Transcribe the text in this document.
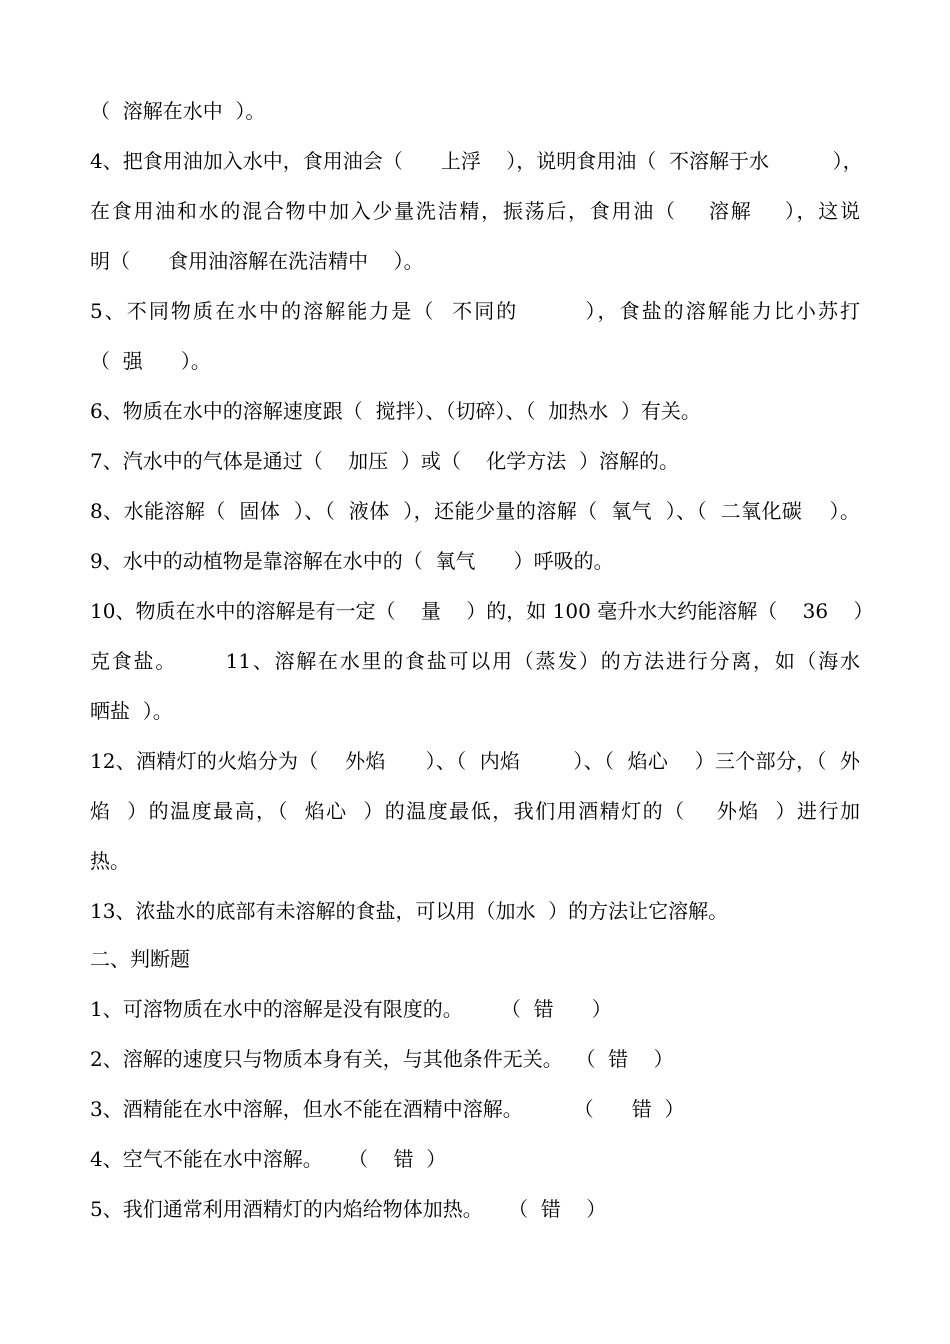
（  溶解在水中  ）。
4、把食用油加入水中，食用油会（      上浮    ），说明食用油（  不溶解于水          ），
在食用油和水的混合物中加入少量洗洁精，振荡后，食用油（    溶解    ），这说
明（      食用油溶解在洗洁精中    ）。
5、不同物质在水中的溶解能力是（  不同的        ），食盐的溶解能力比小苏打
（  强      ）。
6、物质在水中的溶解速度跟（  搅拌）、（切碎）、（  加热水  ）有关。
7、汽水中的气体是通过（    加压  ）或（    化学方法  ）溶解的。
8、水能溶解（  固体  ）、（  液体  ），还能少量的溶解（  氧气  ）、（  二氧化碳    ）。
9、水中的动植物是靠溶解在水中的（  氧气      ）呼吸的。
10、物质在水中的溶解是有一定（    量    ）的，如 100 毫升水大约能溶解（    36    ）
克食盐。      11、溶解在水里的食盐可以用（蒸发）的方法进行分离，如（海水
晒盐  ）。
12、酒精灯的火焰分为（    外焰      ）、（  内焰        ）、（  焰心    ）三个部分，（  外
焰  ）的温度最高，（  焰心  ）的温度最低，我们用酒精灯的（    外焰  ）进行加
热。
13、浓盐水的底部有未溶解的食盐，可以用（加水  ）的方法让它溶解。
二、判断题
1、可溶物质在水中的溶解是没有限度的。      （  错      ）
2、溶解的速度只与物质本身有关，与其他条件无关。  （  错    ）
3、酒精能在水中溶解，但水不能在酒精中溶解。        （      错  ）
4、空气不能在水中溶解。    （    错  ）
5、我们通常利用酒精灯的内焰给物体加热。    （  错    ）
